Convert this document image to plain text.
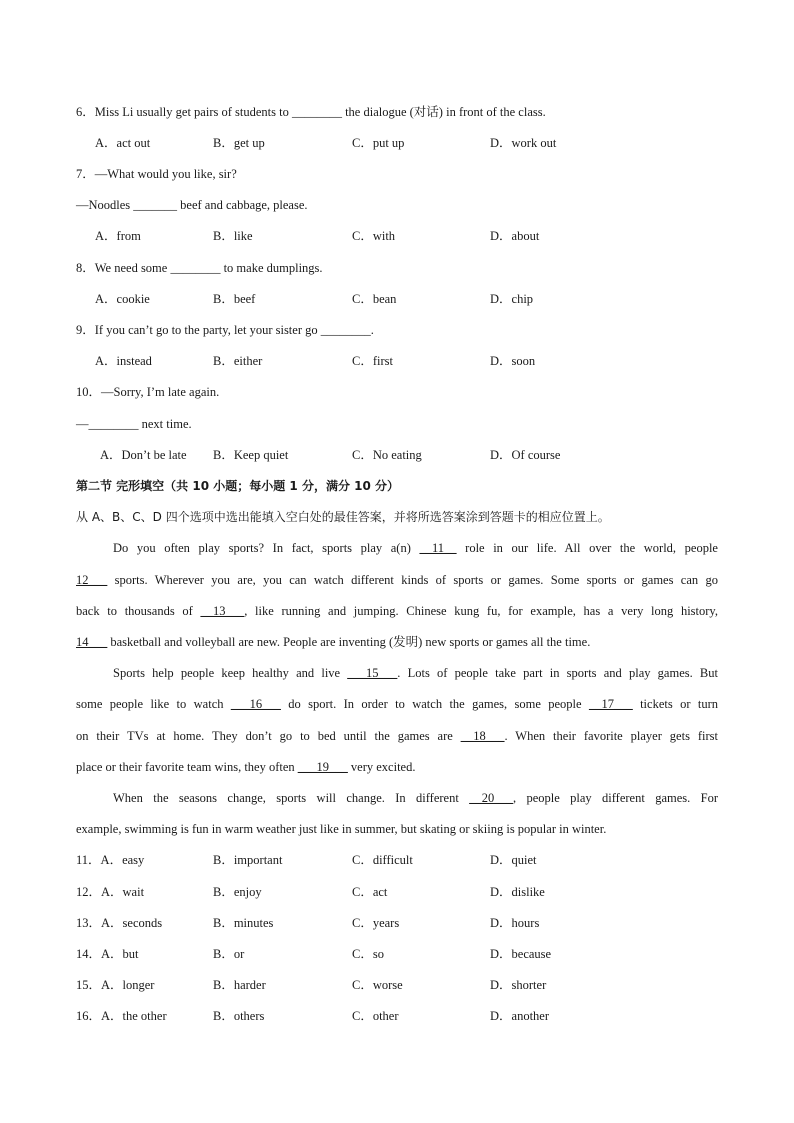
6．Miss Li usually get pairs of students to ________ the dialogue (对话) in front of the class.
A．act out	B．get up	C．put up	D．work out
7．—What would you like, sir?
—Noodles _______ beef and cabbage, please.
A．from	B．like	C．with	D．about
8．We need some ________ to make dumplings.
A．cookie	B．beef	C．bean	D．chip
9．If you can’t go to the party, let your sister go ________.
A．instead	B．either	C．first	D．soon
10．—Sorry, I’m late again.
—________ next time.
A．Don’t be late B．Keep quiet	C．No eating	D．Of course
第二节 完形填空（共 10 小题；每小题 1 分，满分 10 分）
从 A、B、C、D 四个选项中选出能填入空白处的最佳答案，并将所选答案涂到答题卡的相应位置上。
Do you often play sports? In fact, sports play a(n) __11__ role in our life. All over the world, people
12___ sports. Wherever you are, you can watch different kinds of sports or games. Some sports or games can go
back to thousands of __13___, like running and jumping. Chinese kung fu, for example, has a very long history,
14___ basketball and volleyball are new. People are inventing (发明) new sports or games all the time.
Sports help people keep healthy and live ___15___. Lots of people take part in sports and play games. But
some people like to watch ___16___ do sport. In order to watch the games, some people __17___ tickets or turn
on their TVs at home. They don’t go to bed until the games are __18___. When their favorite player gets first
place or their favorite team wins, they often ___19___ very excited.
When the seasons change, sports will change. In different __20___, people play different games. For
example, swimming is fun in warm weather just like in summer, but skating or skiing is popular in winter.
11．A．easy	B．important	C．difficult	D．quiet
12．A．wait	B．enjoy	C．act	D．dislike
13．A．seconds	B．minutes	C．years	D．hours
14．A．but	B．or	C．so	D．because
15．A．longer	B．harder	C．worse	D．shorter
16．A．the other	B．others	C．other	D．another
